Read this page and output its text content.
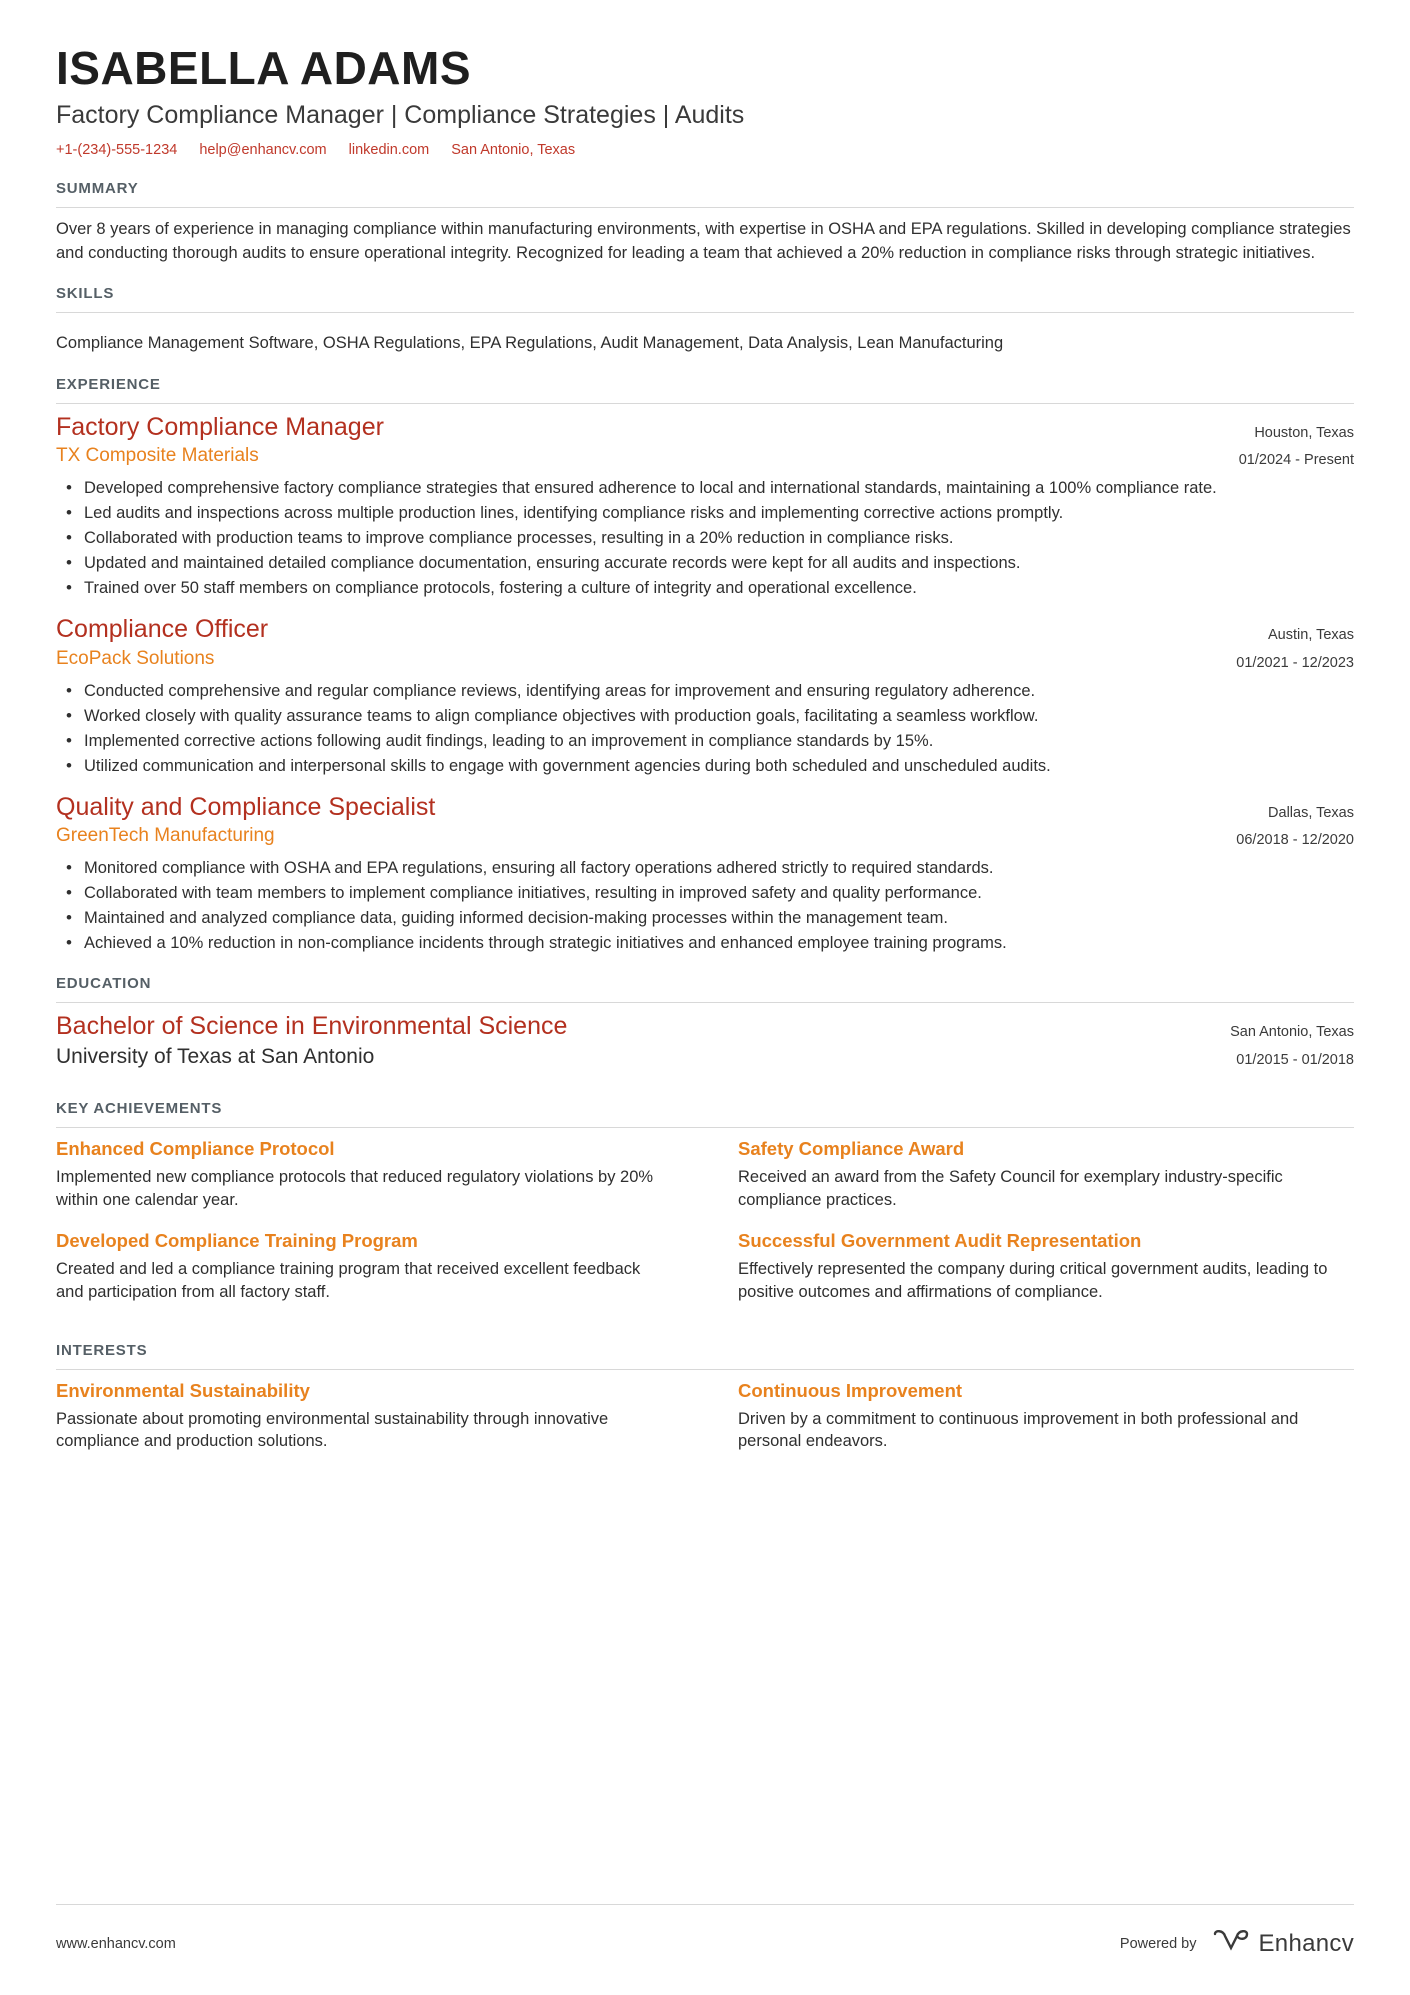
ISABELLA ADAMS
Factory Compliance Manager | Compliance Strategies | Audits
+1-(234)-555-1234 help@enhancv.com linkedin.com San Antonio, Texas
SUMMARY

Over 8 years of experience in managing compliance within manufacturing environments, with expertise in OSHA and EPA regulations. Skilled in developing compliance strategies and conducting thorough audits to ensure operational integrity. Recognized for leading a team that achieved a 20% reduction in compliance risks through strategic initiatives.

SKILLS

Compliance Management Software, OSHA Regulations, EPA Regulations, Audit Management, Data Analysis, Lean Manufacturing

EXPERIENCE
Factory Compliance Manager
TX Composite Materials
Houston, Texas
01/2024 - Present
• Developed comprehensive factory compliance strategies that ensured adherence to local and international standards, maintaining a 100% compliance rate.
• Led audits and inspections across multiple production lines, identifying compliance risks and implementing corrective actions promptly.
• Collaborated with production teams to improve compliance processes, resulting in a 20% reduction in compliance risks.
• Updated and maintained detailed compliance documentation, ensuring accurate records were kept for all audits and inspections.
• Trained over 50 staff members on compliance protocols, fostering a culture of integrity and operational excellence.
Compliance Officer
EcoPack Solutions
Austin, Texas
01/2021 - 12/2023
• Conducted comprehensive and regular compliance reviews, identifying areas for improvement and ensuring regulatory adherence.
• Worked closely with quality assurance teams to align compliance objectives with production goals, facilitating a seamless workflow.
• Implemented corrective actions following audit findings, leading to an improvement in compliance standards by 15%.
• Utilized communication and interpersonal skills to engage with government agencies during both scheduled and unscheduled audits.
Quality and Compliance Specialist
GreenTech Manufacturing
Dallas, Texas
06/2018 - 12/2020
• Monitored compliance with OSHA and EPA regulations, ensuring all factory operations adhered strictly to required standards.
• Collaborated with team members to implement compliance initiatives, resulting in improved safety and quality performance.
• Maintained and analyzed compliance data, guiding informed decision-making processes within the management team.
• Achieved a 10% reduction in non-compliance incidents through strategic initiatives and enhanced employee training programs.
EDUCATION
Bachelor of Science in Environmental Science
University of Texas at San Antonio
San Antonio, Texas
01/2015 - 01/2018
KEY ACHIEVEMENTS
Enhanced Compliance Protocol

Implemented new compliance protocols that reduced regulatory violations by 20% within one calendar year.

Safety Compliance Award

Received an award from the Safety Council for exemplary industry-specific compliance practices.

Developed Compliance Training Program

Created and led a compliance training program that received excellent feedback and participation from all factory staff.

Successful Government Audit Representation

Effectively represented the company during critical government audits, leading to positive outcomes and affirmations of compliance.

INTERESTS
Environmental Sustainability

Passionate about promoting environmental sustainability through innovative compliance and production solutions.

Continuous Improvement

Driven by a commitment to continuous improvement in both professional and personal endeavors.

www.enhancv.com	Powered by	Enhancv
